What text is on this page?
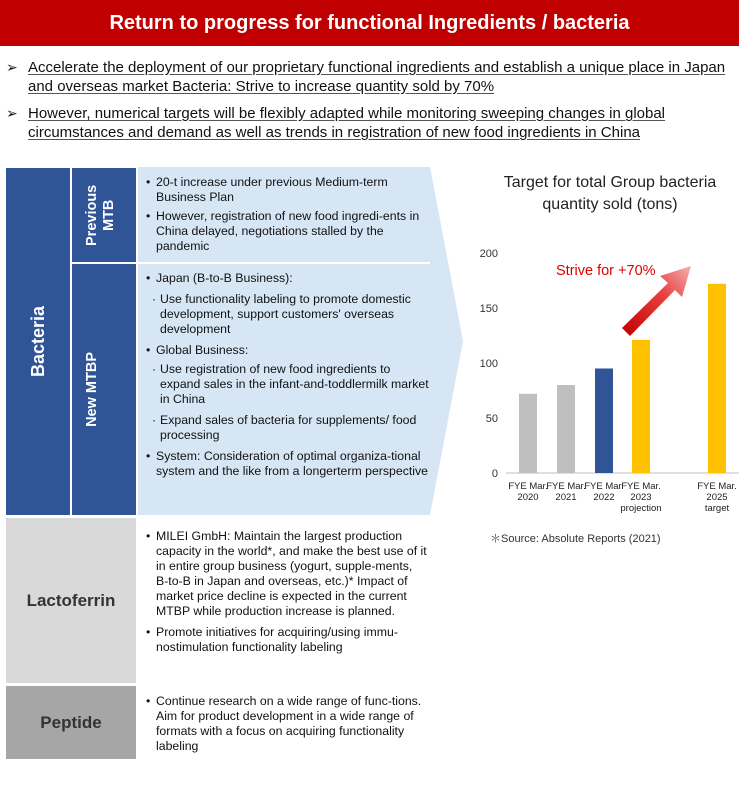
Return to progress for functional Ingredients / bacteria
➢ Accelerate the deployment of our proprietary functional ingredients and establish a unique place in Japan and overseas market Bacteria: Strive to increase quantity sold by 70%
➢ However, numerical targets will be flexibly adapted while monitoring sweeping changes in global circumstances and demand as well as trends in registration of new food ingredients in China
Bacteria
Previous MTB
New MTBP
• 20-t increase under previous Medium-term Business Plan
• However, registration of new food ingredi-ents in China delayed, negotiations stalled by the pandemic
• Japan (B-to-B Business):
· Use functionality labeling to promote domestic development, support customers' overseas development
• Global Business:
· Use registration of new food ingredients to expand sales in the infant-and-toddlermilk market in China
· Expand sales of bacteria for supplements/ food processing
• System: Consideration of optimal organiza-tional system and the like from a longerterm perspective
Lactoferrin
• MILEI GmbH: Maintain the largest production capacity in the world*, and make the best use of it in entire group business (yogurt, supple-ments, B-to-B in Japan and overseas, etc.)* Impact of market price decline is expected in the current MTBP while production increase is planned.
• Promote initiatives for acquiring/using immu-nostimulation functionality labeling
Peptide
• Continue research on a wide range of func-tions. Aim for product development in a wide range of formats with a focus on acquiring functionality labeling
Target for total Group bacteria quantity sold (tons)
0
50
100
150
200
FYE Mar.
2020
FYE Mar.
2021
FYE Mar.
2022
FYE Mar.
2023
projection
FYE Mar.
2025
target
Strive for +70%
＊Source: Absolute Reports (2021)
